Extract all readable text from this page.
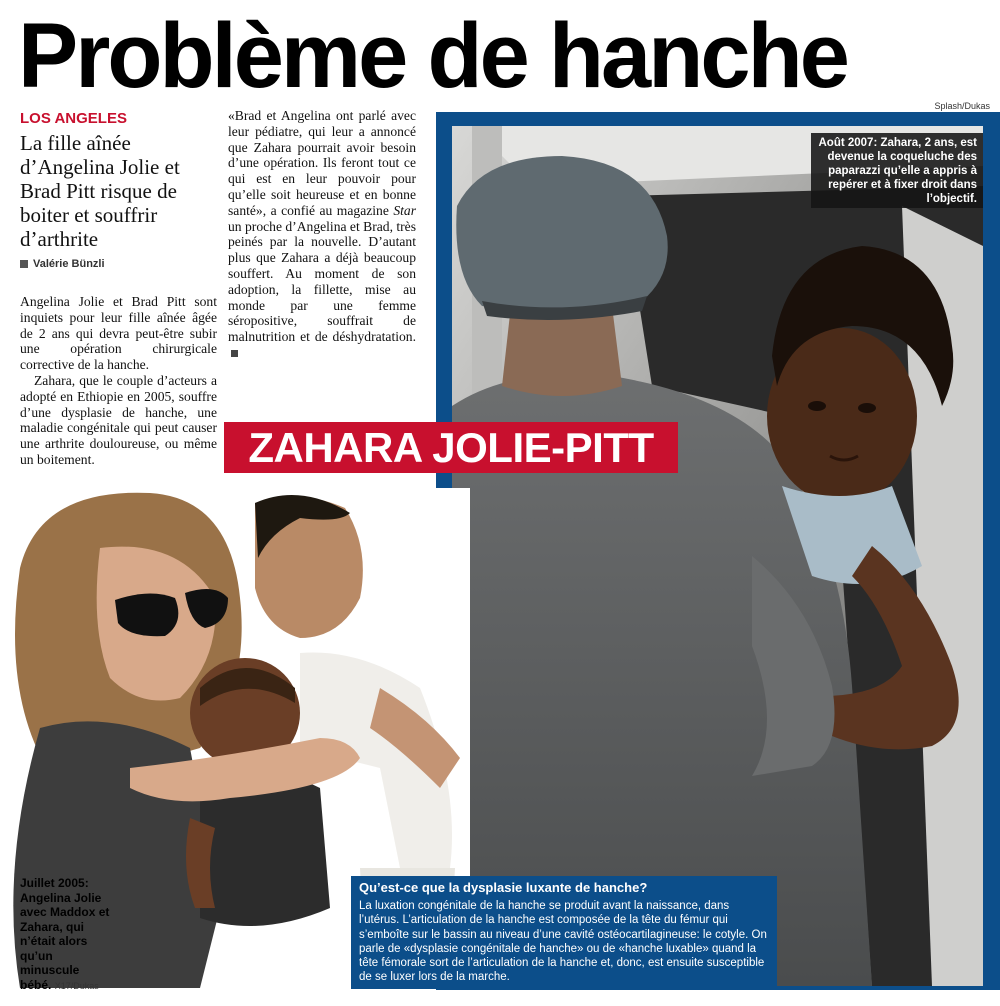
Problème de hanche
LOS ANGELES
La fille aînée d’Angelina Jolie et Brad Pitt risque de boiter et souffrir d’arthrite
Valérie Bünzli

Angelina Jolie et Brad Pitt sont inquiets pour leur fille aînée âgée de 2 ans qui devra peut-être subir une opération chirurgicale corrective de la hanche.

Zahara, que le couple d’acteurs a adopté en Ethiopie en 2005, souffre d’une dysplasie de hanche, une maladie congénitale qui peut causer une arthrite douloureuse, ou même un boitement.

«Brad et Angelina ont parlé avec leur pédiatre, qui leur a annoncé que Zahara pourrait avoir besoin d’une opération. Ils feront tout ce qui est en leur pouvoir pour qu’elle soit heureuse et en bonne santé», a confié au magazine Star un proche d’Angelina et Brad, très peinés par la nouvelle. D’autant plus que Zahara a déjà beaucoup souffert. Au moment de son adoption, la fillette, mise au monde par une femme séropositive, souffrait de malnutrition et de déshydratation.

Splash/Dukas
Août 2007: Zahara, 2 ans, est devenue la coqueluche des paparazzi qu’elle a appris à repérer et à fixer droit dans l’objectif.
ZAHARA JOLIE-PITT
Juillet 2005: Angelina Jolie avec Maddox et Zahara, qui n’était alors qu’un minuscule bébé. X17/Dukas
Qu’est-ce que la dysplasie luxante de hanche?
La luxation congénitale de la hanche se produit avant la naissance, dans l’utérus. L’articulation de la hanche est composée de la tête du fémur qui s’emboîte sur le bassin au niveau d’une cavité ostéocartilagineuse: le cotyle. On parle de «dysplasie congénitale de hanche» ou de «hanche luxable» quand la tête fémorale sort de l’articulation de la hanche et, donc, est ensuite susceptible de se luxer lors de la marche.
